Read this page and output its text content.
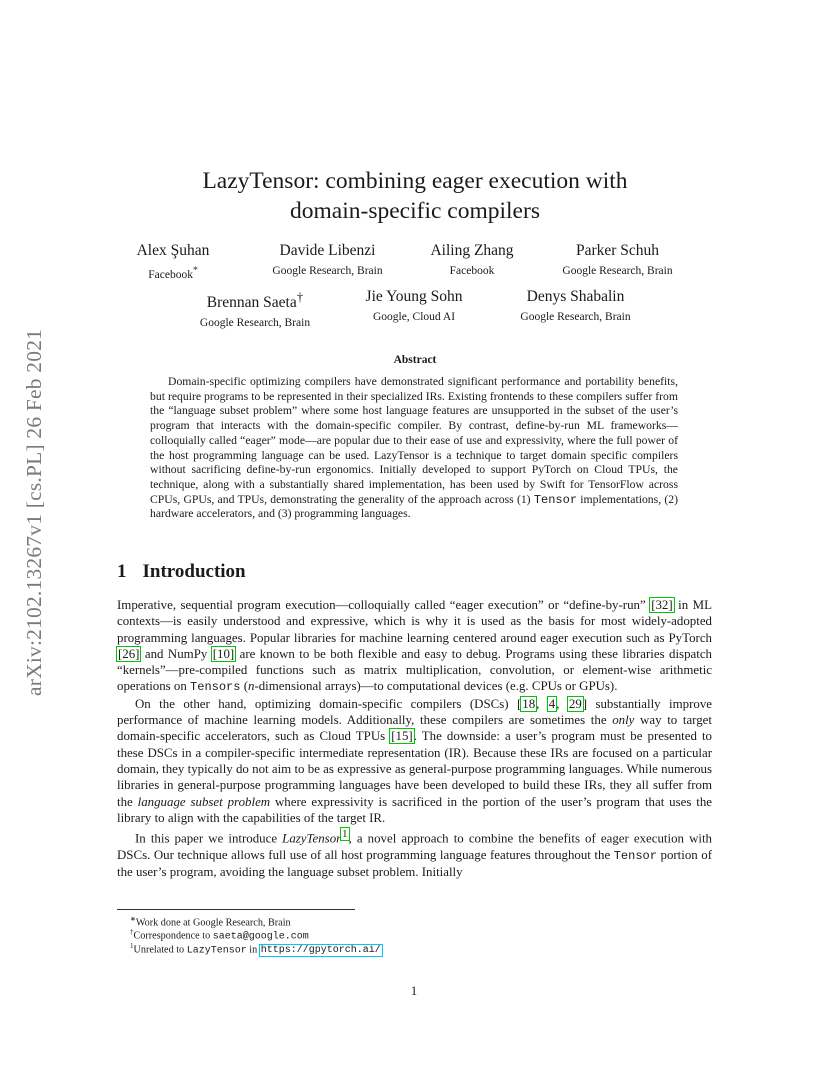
arXiv:2102.13267v1 [cs.PL] 26 Feb 2021
LazyTensor: combining eager execution with
domain-specific compilers
Alex Şuhan
Facebook*
Davide Libenzi
Google Research, Brain
Ailing Zhang
Facebook
Parker Schuh
Google Research, Brain
Brennan Saeta†
Google Research, Brain
Jie Young Sohn
Google, Cloud AI
Denys Shabalin
Google Research, Brain
Abstract
Domain-specific optimizing compilers have demonstrated significant performance and portability benefits, but require programs to be represented in their specialized IRs. Existing frontends to these compilers suffer from the “language subset problem” where some host language features are unsupported in the subset of the user’s program that interacts with the domain-specific compiler. By contrast, define-by-run ML frameworks—colloquially called “eager” mode—are popular due to their ease of use and expressivity, where the full power of the host programming language can be used. LazyTensor is a technique to target domain specific compilers without sacrificing define-by-run ergonomics. Initially developed to support PyTorch on Cloud TPUs, the technique, along with a substantially shared implementation, has been used by Swift for TensorFlow across CPUs, GPUs, and TPUs, demonstrating the generality of the approach across (1) Tensor implementations, (2) hardware accelerators, and (3) programming languages.
1 Introduction

Imperative, sequential program execution—colloquially called “eager execution” or “define-by-run” [32] in ML contexts—is easily understood and expressive, which is why it is used as the basis for most widely-adopted programming languages. Popular libraries for machine learning centered around eager execution such as PyTorch [26] and NumPy [10] are known to be both flexible and easy to debug. Programs using these libraries dispatch “kernels”—pre-compiled functions such as matrix multiplication, convolution, or element-wise arithmetic operations on Tensors (n-dimensional arrays)—to computational devices (e.g. CPUs or GPUs).

On the other hand, optimizing domain-specific compilers (DSCs) [18, 4, 29] substantially improve performance of machine learning models. Additionally, these compilers are sometimes the only way to target domain-specific accelerators, such as Cloud TPUs [15]. The downside: a user’s program must be presented to these DSCs in a compiler-specific intermediate representation (IR). Because these IRs are focused on a particular domain, they typically do not aim to be as expressive as general-purpose programming languages. While numerous libraries in general-purpose programming languages have been developed to build these IRs, they all suffer from the language subset problem where expressivity is sacrificed in the portion of the user’s program that uses the library to align with the capabilities of the target IR.

In this paper we introduce LazyTensor$^1$, a novel approach to combine the benefits of eager execution with DSCs. Our technique allows full use of all host programming language features throughout the Tensor portion of the user’s program, avoiding the language subset problem. Initially

∗Work done at Google Research, Brain
†Correspondence to saeta@google.com
$^1$Unrelated to LazyTensor in https://gpytorch.ai/
1
